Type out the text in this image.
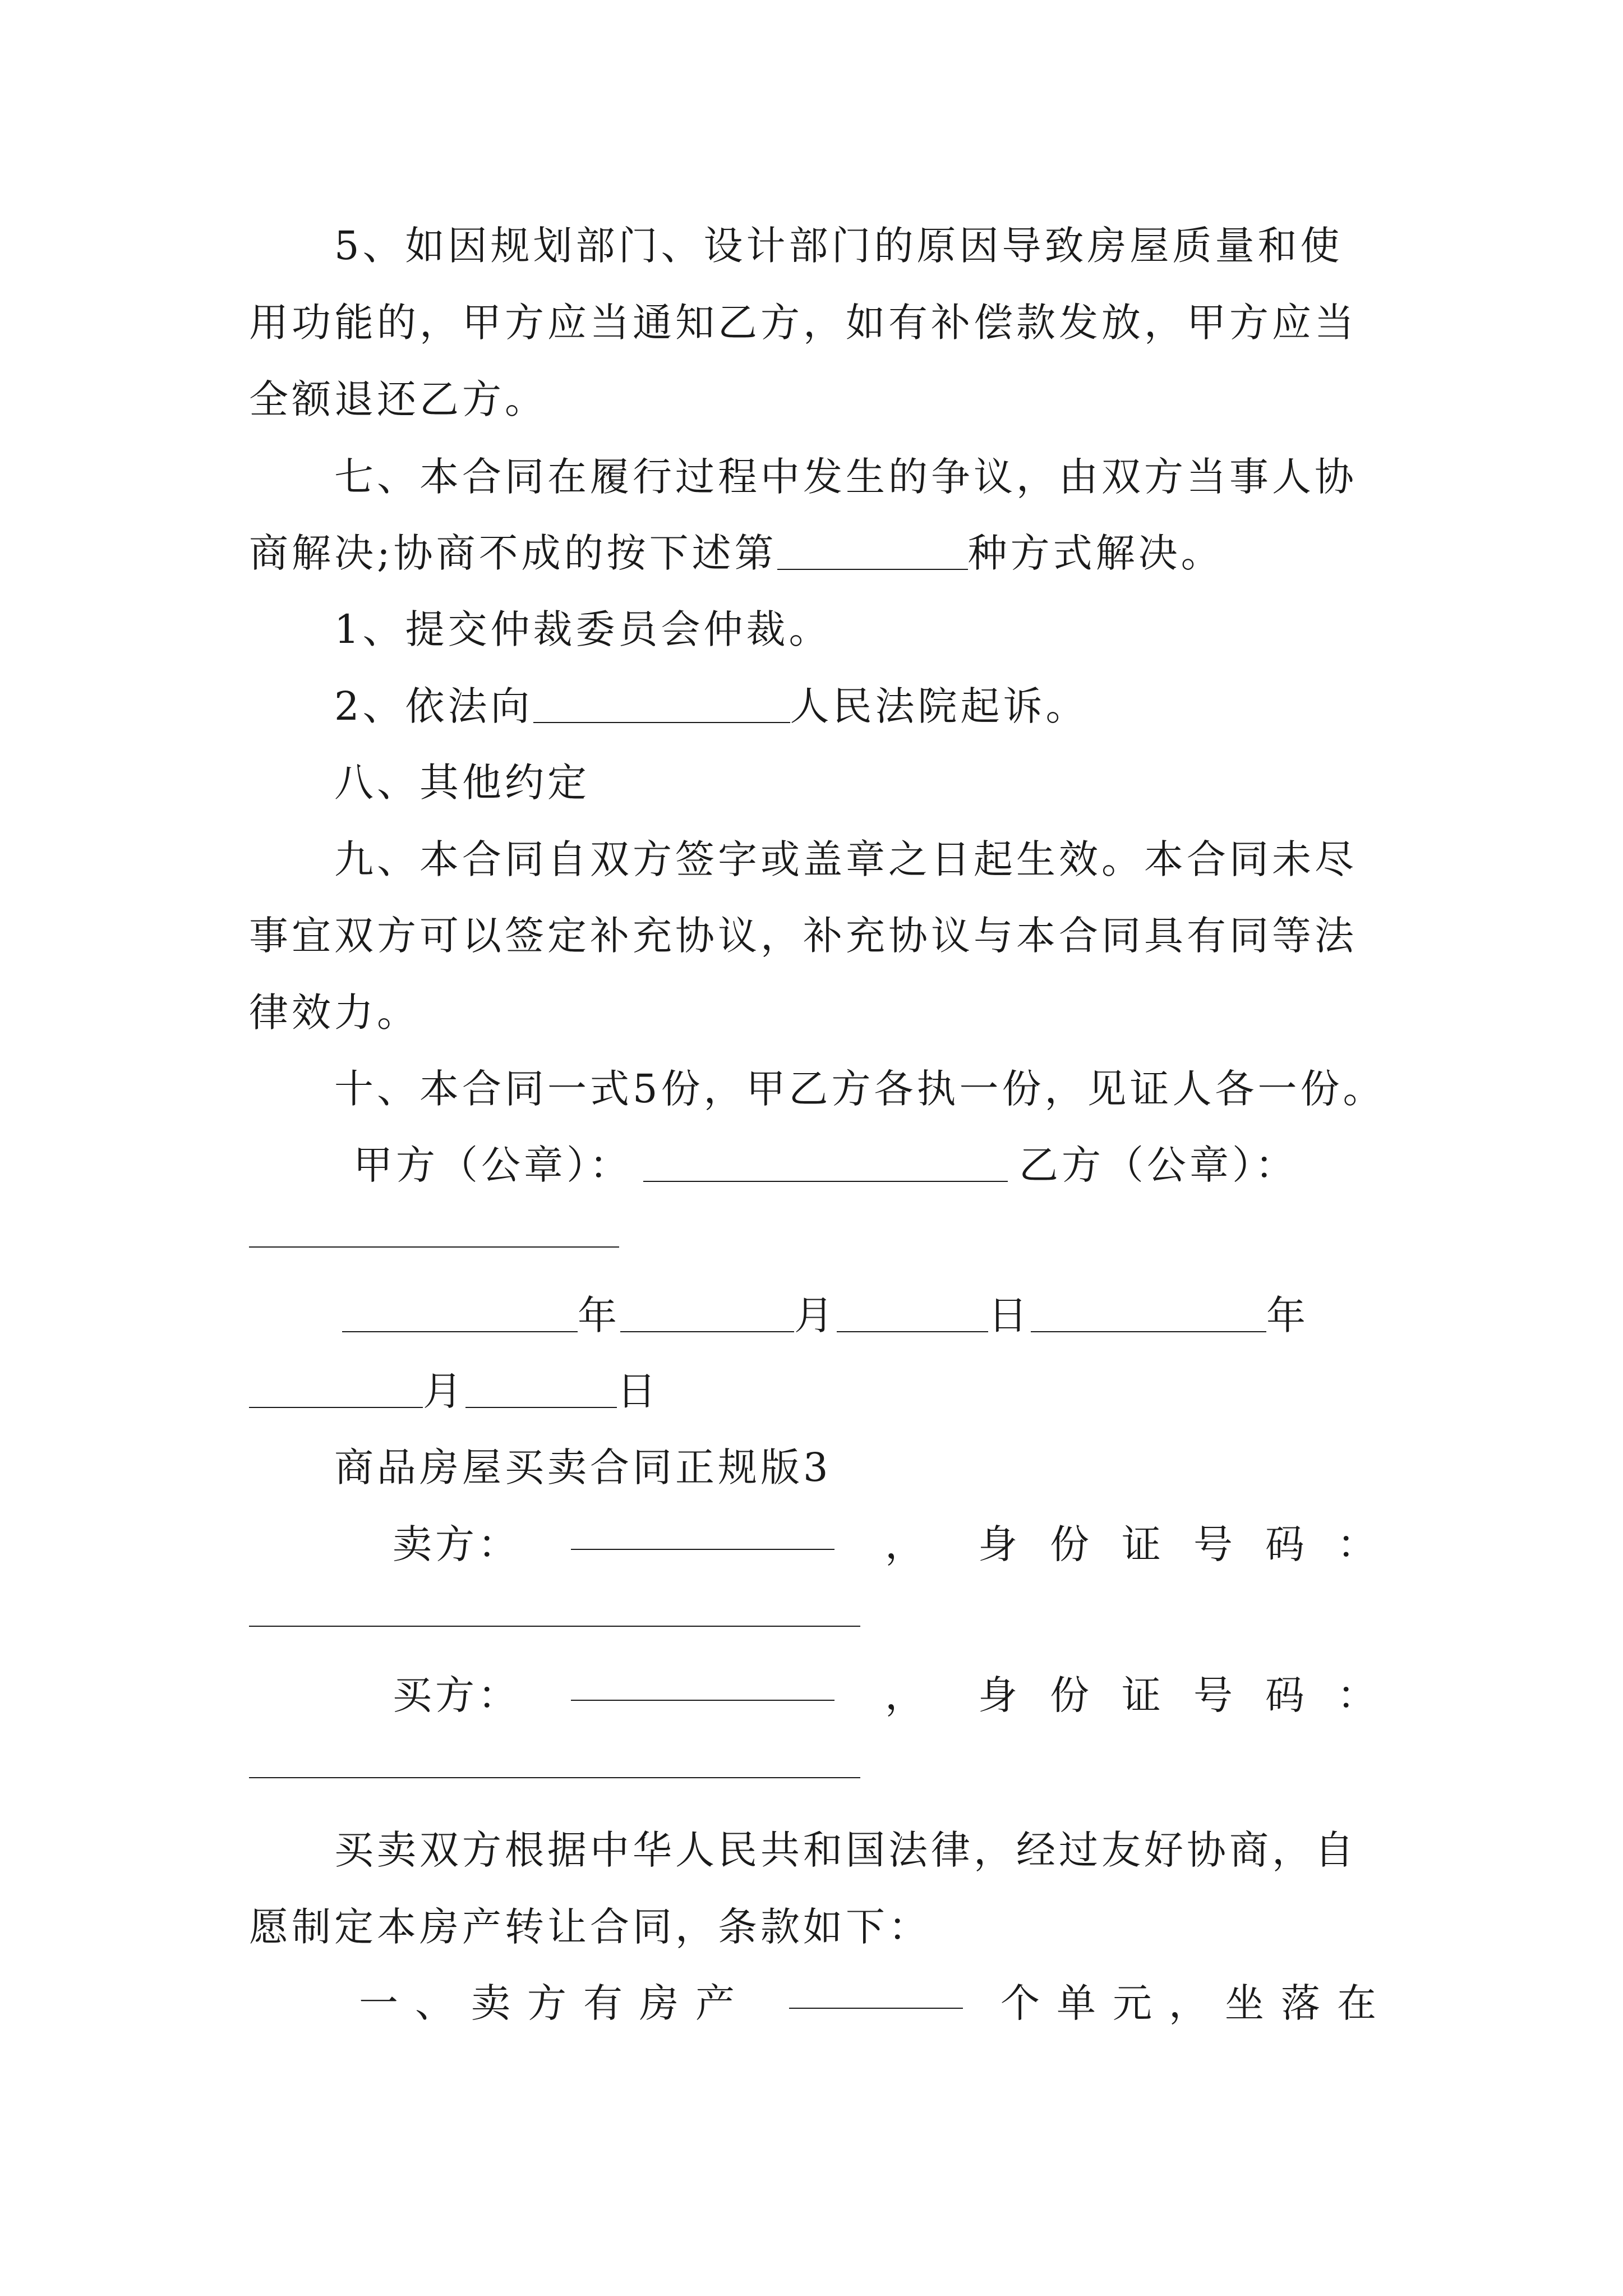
5、如因规划部门、设计部门的原因导致房屋质量和使
用功能的，甲方应当通知乙方，如有补偿款发放，甲方应当
全额退还乙方。
七、本合同在履行过程中发生的争议，由双方当事人协
商解决;协商不成的按下述第	种方式解决。
1、提交仲裁委员会仲裁。
2、依法向	人民法院起诉。
八、其他约定
九、本合同自双方签字或盖章之日起生效。本合同未尽
事宜双方可以签定补充协议，补充协议与本合同具有同等法
律效力。
十、本合同一式5份，甲乙方各执一份，见证人各一份。
甲方（公章）：	乙方（公章）：
年	月	日	年
月	日
商品房屋买卖合同正规版3
卖方：	， 身份证号码：
买方：	， 身份证号码：
买卖双方根据中华人民共和国法律，经过友好协商，自
愿制定本房产转让合同，条款如下：
一、卖方有房产	个单元，坐落在
